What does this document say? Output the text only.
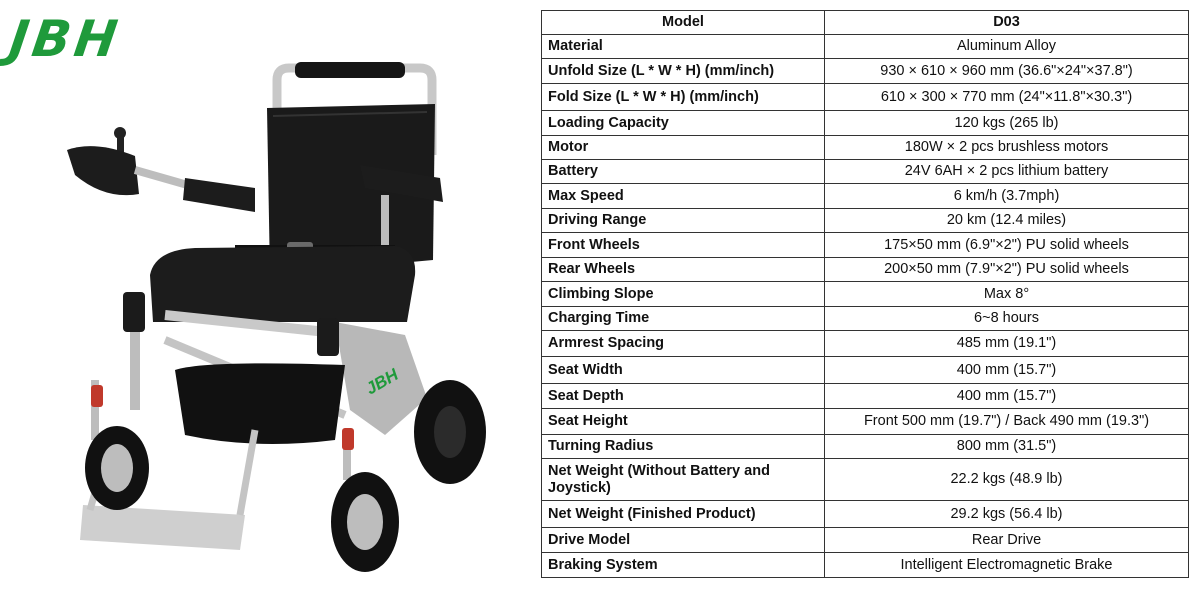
JBH
JBH
Model	D03
Material	Aluminum Alloy
Unfold Size (L * W * H) (mm/inch)	930 × 610 × 960 mm (36.6"×24"×37.8")
Fold Size (L * W * H) (mm/inch)	610 × 300 × 770 mm (24"×11.8"×30.3")
Loading Capacity	120 kgs (265 lb)
Motor	180W × 2 pcs brushless motors
Battery	24V 6AH × 2 pcs lithium battery
Max Speed	6 km/h (3.7mph)
Driving Range	20 km (12.4 miles)
Front Wheels	175×50 mm (6.9"×2") PU solid wheels
Rear Wheels	200×50 mm (7.9"×2") PU solid wheels
Climbing Slope	Max 8°
Charging Time	6~8 hours
Armrest Spacing	485 mm (19.1")
Seat Width	400 mm (15.7")
Seat Depth	400 mm (15.7")
Seat Height	Front 500 mm (19.7") / Back 490 mm (19.3")
Turning Radius	800 mm (31.5")
Net Weight (Without Battery and Joystick)	22.2 kgs (48.9 lb)
Net Weight (Finished Product)	29.2 kgs (56.4 lb)
Drive Model	Rear Drive
Braking System	Intelligent Electromagnetic Brake
